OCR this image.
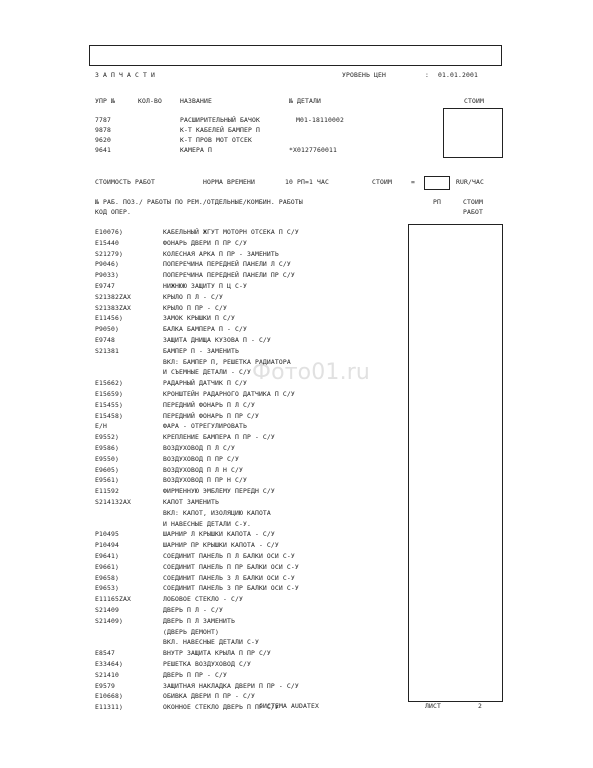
З А П Ч А С Т И	УРОВЕНЬ ЦЕН	: 01.01.2001
УПР №	КОЛ-ВО	НАЗВАНИЕ	№ ДЕТАЛИ	СТОИМ
7787	РАСШИРИТЕЛЬНЫЙ БАЧОК	М01-18110002
9878	К-Т КАБЕЛЕЙ БАМПЕР П
9620	К-Т ПРОВ МОТ ОТСЕК
9641	КАМЕРА П	*X0127760011
СТОИМОСТЬ РАБОТ	НОРМА ВРЕМЕНИ	10 РП=1 ЧАС	СТОИМ	=	RUR/ЧАС
№ РАБ. ПОЗ./ РАБОТЫ ПО РЕМ./ОТДЕЛЬНЫЕ/КОМБИН. РАБОТЫ
КОД ОПЕР.
РП	СТОИМ
РАБОТ
E10076)	КАБЕЛЬНЫЙ ЖГУТ МОТОРН ОТСЕКА П С/У
E15440	ФОНАРЬ ДВЕРИ П ПР С/У
S21279)	КОЛЕСНАЯ АРКА П ПР - ЗАМЕНИТЬ
P9046)	ПОПЕРЕЧИНА ПЕРЕДНЕЙ ПАНЕЛИ Л С/У
P9033)	ПОПЕРЕЧИНА ПЕРЕДНЕЙ ПАНЕЛИ ПР С/У
E9747	НИЖНЮЮ ЗАЩИТУ П Ц С-У
S21382ZAX	КРЫЛО П Л - С/У
S21383ZAX	КРЫЛО П ПР - С/У
E11456)	ЗАМОК КРЫШКИ П С/У
P9050)	БАЛКА БАМПЕРА П - С/У
E9748	ЗАЩИТА ДНИЩА КУЗОВА П - С/У
S21381	БАМПЕР П - ЗАМЕНИТЬ
ВКЛ: БАМПЕР П, РЕШЕТКА РАДИАТОРА
И СЪЕМНЫЕ ДЕТАЛИ - С/У
E15662)	РАДАРНЫЙ ДАТЧИК П С/У
E15659)	КРОНШТЕЙН РАДАРНОГО ДАТЧИКА П С/У
E15455)	ПЕРЕДНИЙ ФОНАРЬ П Л С/У
E15458)	ПЕРЕДНИЙ ФОНАРЬ П ПР С/У
E/H	ФАРА - ОТРЕГУЛИРОВАТЬ
E9552)	КРЕПЛЕНИЕ БАМПЕРА П ПР - С/У
E9586)	ВОЗДУХОВОД П Л С/У
E9550)	ВОЗДУХОВОД П ПР С/У
E9605)	ВОЗДУХОВОД П Л Н С/У
E9561)	ВОЗДУХОВОД П ПР Н С/У
E11592	ФИРМЕННУЮ ЭМБЛЕМУ ПЕРЕДН С/У
S214132AX	КАПОТ ЗАМЕНИТЬ
ВКЛ: КАПОТ, ИЗОЛЯЦИЮ КАПОТА
И НАВЕСНЫЕ ДЕТАЛИ С-У.
P10495	ШАРНИР Л КРЫШКИ КАПОТА - С/У
P10494	ШАРНИР ПР КРЫШКИ КАПОТА - С/У
E9641)	СОЕДИНИТ ПАНЕЛЬ П Л БАЛКИ ОСИ С-У
E9661)	СОЕДИНИТ ПАНЕЛЬ П ПР БАЛКИ ОСИ С-У
E9658)	СОЕДИНИТ ПАНЕЛЬ З Л БАЛКИ ОСИ С-У
E9653)	СОЕДИНИТ ПАНЕЛЬ З ПР БАЛКИ ОСИ С-У
E11165ZAX	ЛОБОВОЕ СТЕКЛО - С/У
S21409	ДВЕРЬ П Л - С/У
S21409)	ДВЕРЬ П Л ЗАМЕНИТЬ
(ДВЕРЬ ДЕМОНТ)
ВКЛ. НАВЕСНЫЕ ДЕТАЛИ С-У
E8547	ВНУТР ЗАЩИТА КРЫЛА П ПР С/У
E33464)	РЕШЕТКА ВОЗДУХОВОД С/У
S21410	ДВЕРЬ П ПР - С/У
E9579	ЗАЩИТНАЯ НАКЛАДКА ДВЕРИ П ПР - С/У
E10668)	ОБИВКА ДВЕРИ П ПР - С/У
E11311)	ОКОННОЕ СТЕКЛО ДВЕРЬ П ПР С/У
Фото01.ru
СИСТЕМА AUDATEX	ЛИСТ	2
